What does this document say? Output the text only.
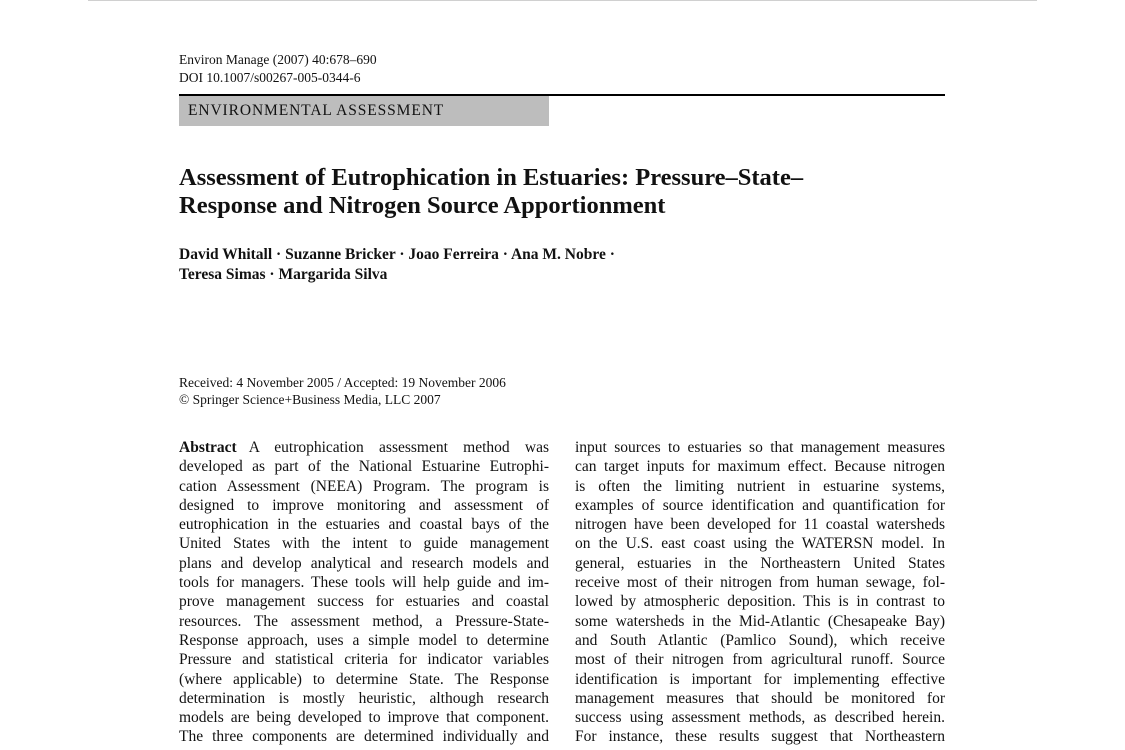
Environ Manage (2007) 40:678–690
DOI 10.1007/s00267-005-0344-6
ENVIRONMENTAL ASSESSMENT
Assessment of Eutrophication in Estuaries: Pressure–State–
Response and Nitrogen Source Apportionment
David Whitall · Suzanne Bricker · Joao Ferreira · Ana M. Nobre ·
Teresa Simas · Margarida Silva
Received: 4 November 2005 / Accepted: 19 November 2006
© Springer Science+Business Media, LLC 2007
Abstract A eutrophication assessment method was
developed as part of the National Estuarine Eutrophi-
cation Assessment (NEEA) Program. The program is
designed to improve monitoring and assessment of
eutrophication in the estuaries and coastal bays of the
United States with the intent to guide management
plans and develop analytical and research models and
tools for managers. These tools will help guide and im-
prove management success for estuaries and coastal
resources. The assessment method, a Pressure-State-
Response approach, uses a simple model to determine
Pressure and statistical criteria for indicator variables
(where applicable) to determine State. The Response
determination is mostly heuristic, although research
models are being developed to improve that component.
The three components are determined individually and
input sources to estuaries so that management measures
can target inputs for maximum effect. Because nitrogen
is often the limiting nutrient in estuarine systems,
examples of source identification and quantification for
nitrogen have been developed for 11 coastal watersheds
on the U.S. east coast using the WATERSN model. In
general, estuaries in the Northeastern United States
receive most of their nitrogen from human sewage, fol-
lowed by atmospheric deposition. This is in contrast to
some watersheds in the Mid-Atlantic (Chesapeake Bay)
and South Atlantic (Pamlico Sound), which receive
most of their nitrogen from agricultural runoff. Source
identification is important for implementing effective
management measures that should be monitored for
success using assessment methods, as described herein.
For instance, these results suggest that Northeastern
